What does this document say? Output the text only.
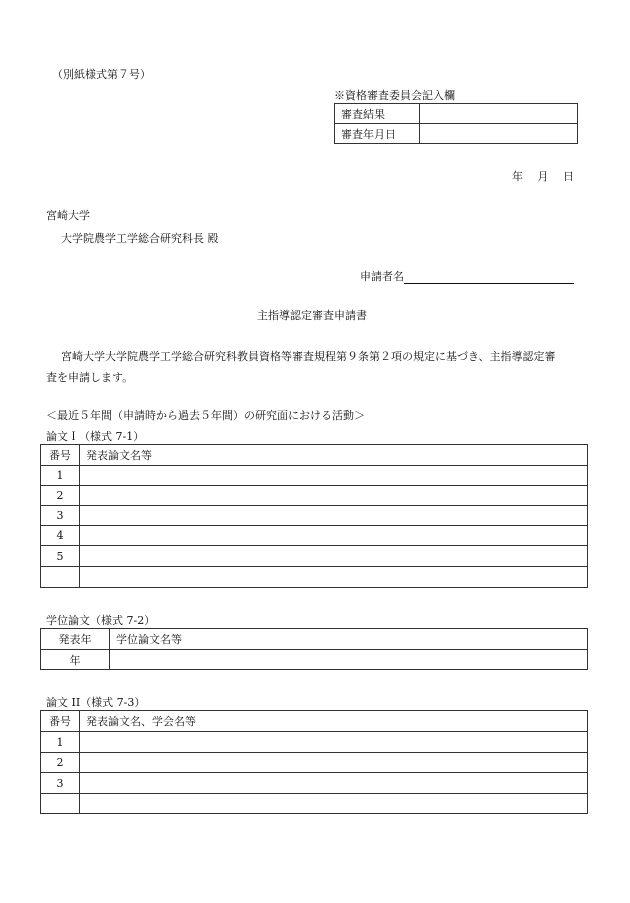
（別紙様式第７号）
※資格審査委員会記入欄
審査結果	
審査年月日	
年　 月　 日
宮崎大学
大学院農学工学総合研究科長 殿
申請者名
主指導認定審査申請書
宮崎大学大学院農学工学総合研究科教員資格等審査規程第９条第２項の規定に基づき、主指導認定審
査を申請します。
＜最近５年間（申請時から過去５年間）の研究面における活動＞
論文Ｉ（様式 7-1）
番号	発表論文名等
1	
2	
3	
4	
5	

学位論文（様式 7-2）
発表年	学位論文名等
年	
論文 II（様式 7-3）
番号	発表論文名、学会名等
1	
2	
3	
